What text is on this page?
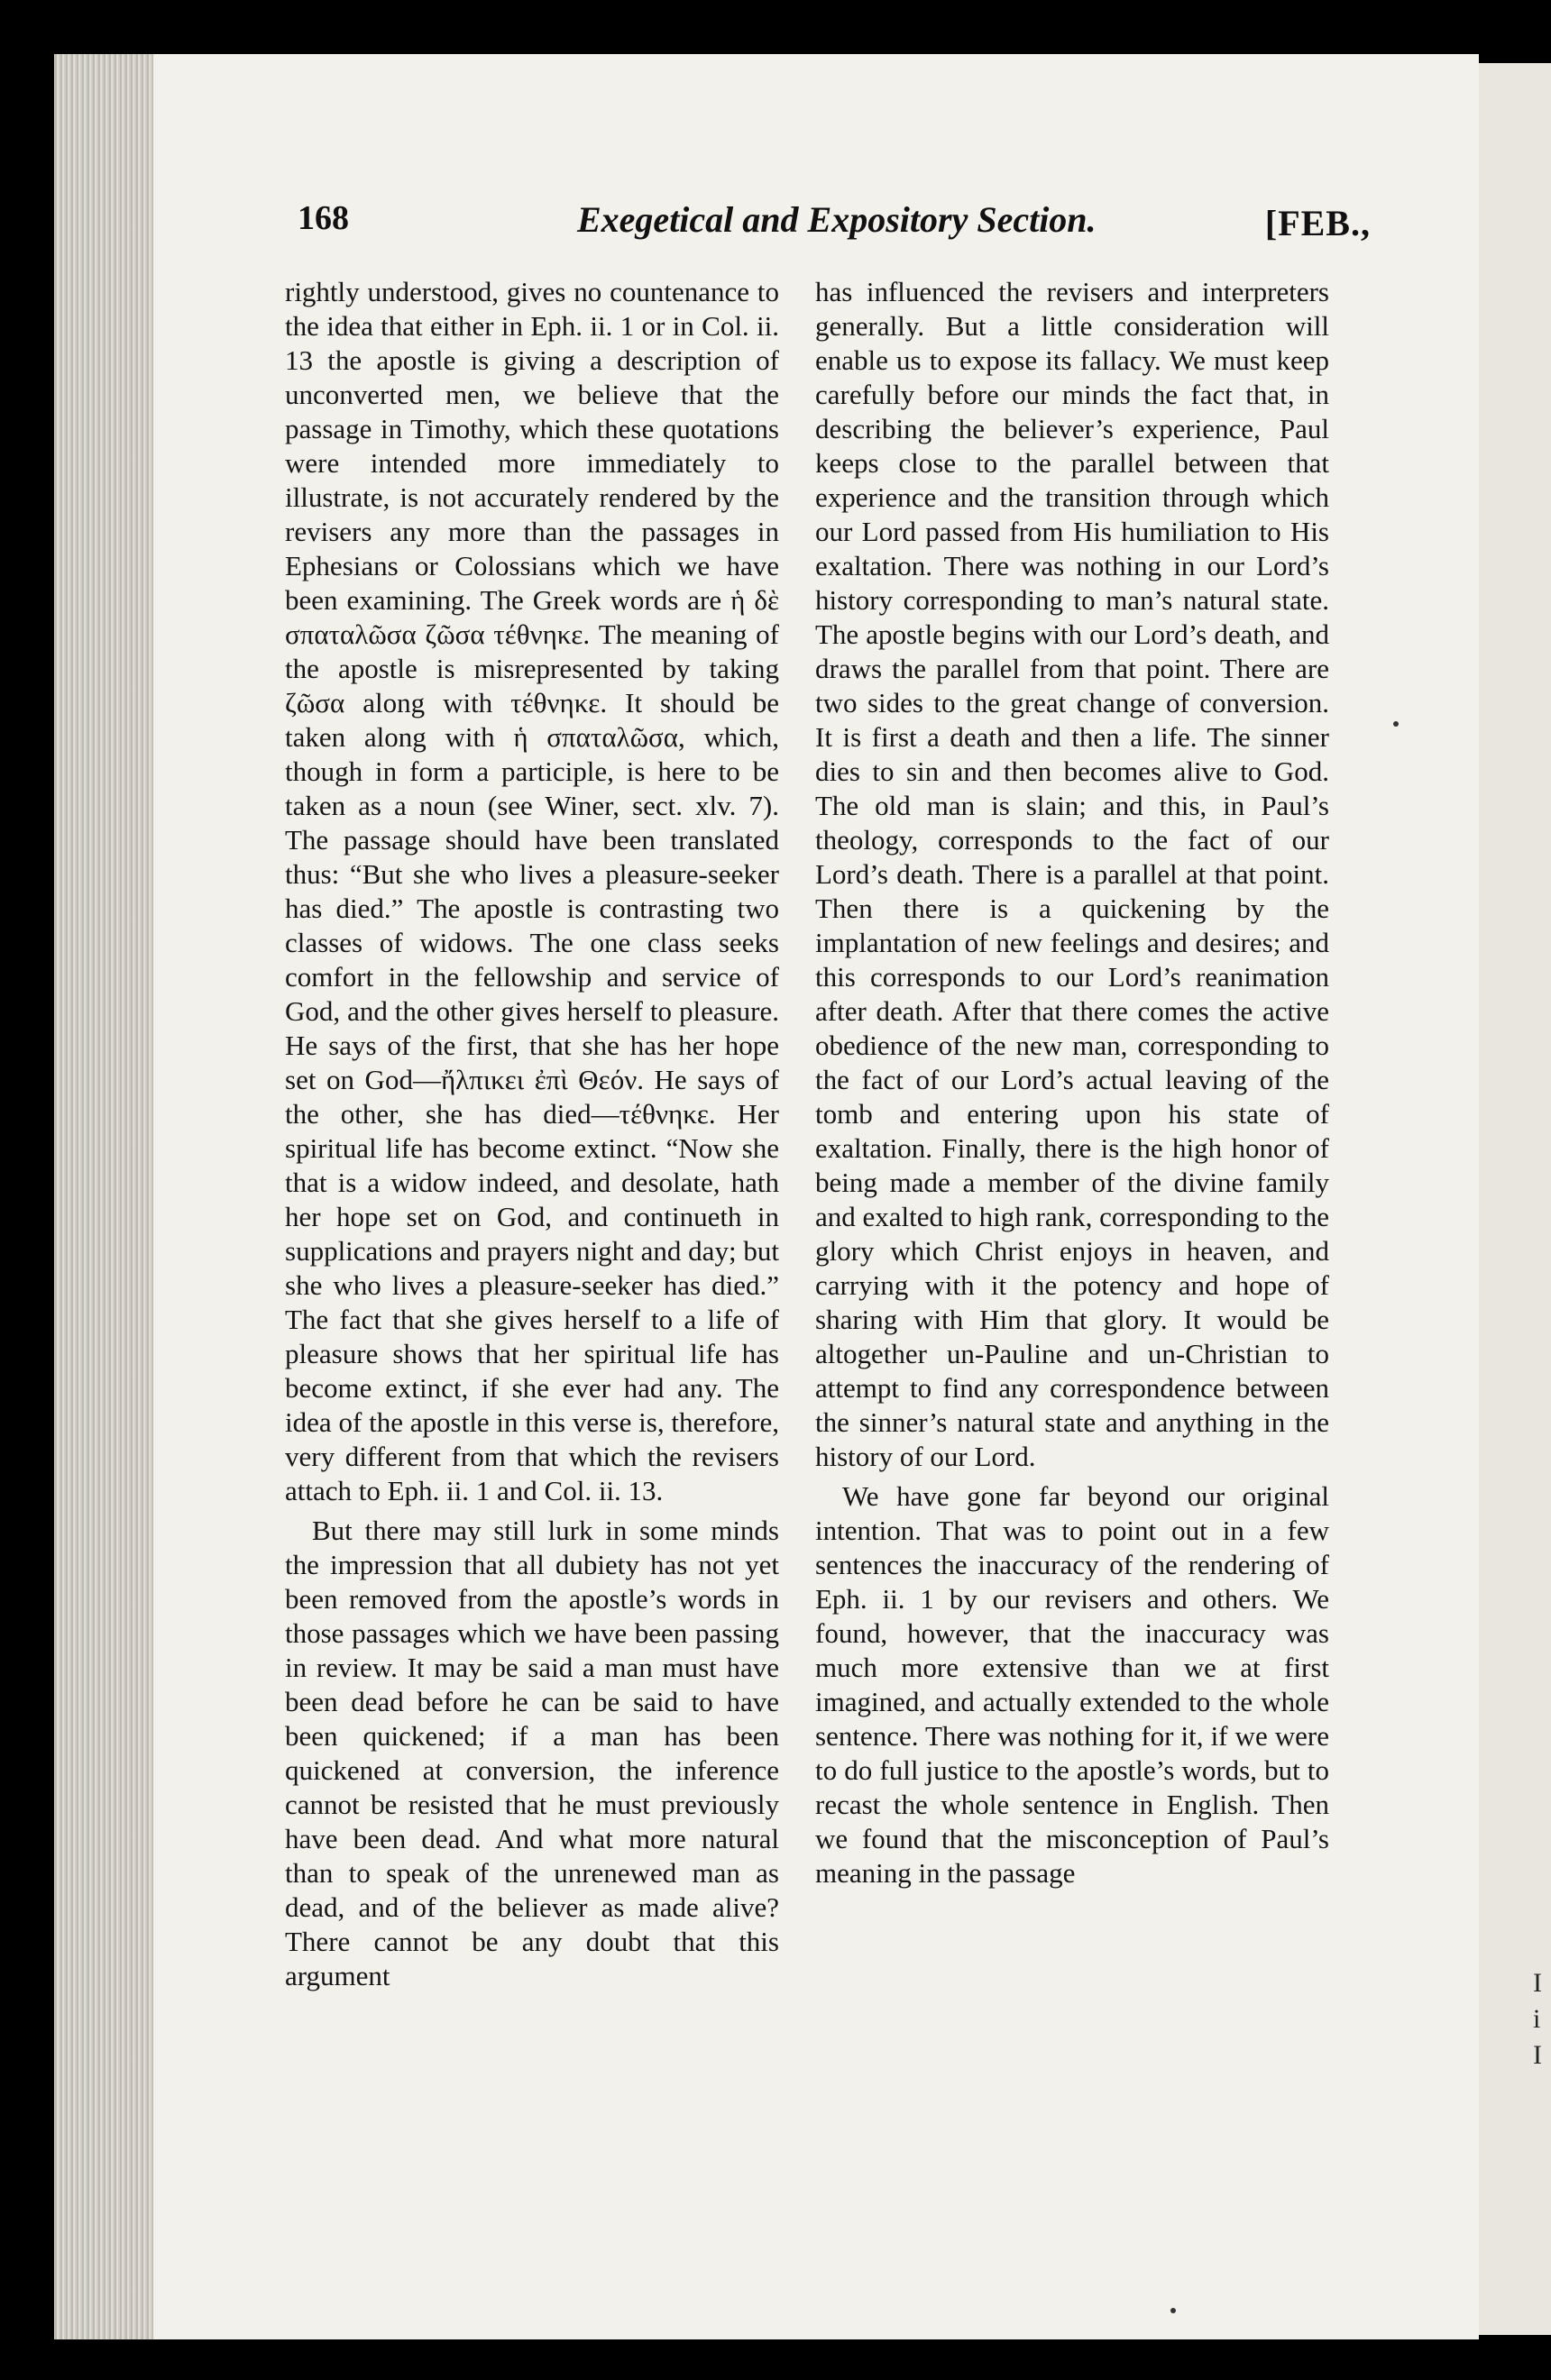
168	Exegetical and Expository Section.	[FEB.,

rightly understood, gives no countenance to the idea that either in Eph. ii. 1 or in Col. ii. 13 the apostle is giving a description of unconverted men, we believe that the passage in Timothy, which these quotations were intended more immediately to illustrate, is not accurately rendered by the revisers any more than the passages in Ephesians or Colossians which we have been examining. The Greek words are ἡ δὲ σπαταλῶσα ζῶσα τέθνηκε. The meaning of the apostle is misrepresented by taking ζῶσα along with τέθνηκε. It should be taken along with ἡ σπαταλῶσα, which, though in form a participle, is here to be taken as a noun (see Winer, sect. xlv. 7). The passage should have been translated thus: “But she who lives a pleasure-seeker has died.” The apostle is contrasting two classes of widows. The one class seeks comfort in the fellowship and service of God, and the other gives herself to pleasure. He says of the first, that she has her hope set on God—ἤλπικει ἐπὶ Θεόν. He says of the other, she has died—τέθνηκε. Her spiritual life has become extinct. “Now she that is a widow indeed, and desolate, hath her hope set on God, and continueth in supplications and prayers night and day; but she who lives a pleasure-seeker has died.” The fact that she gives herself to a life of pleasure shows that her spiritual life has become extinct, if she ever had any. The idea of the apostle in this verse is, therefore, very different from that which the revisers attach to Eph. ii. 1 and Col. ii. 13.

But there may still lurk in some minds the impression that all dubiety has not yet been removed from the apostle’s words in those passages which we have been passing in review. It may be said a man must have been dead before he can be said to have been quickened; if a man has been quickened at conversion, the inference cannot be resisted that he must previously have been dead. And what more natural than to speak of the unrenewed man as dead, and of the believer as made alive? There cannot be any doubt that this argument

has influenced the revisers and interpreters generally. But a little consideration will enable us to expose its fallacy. We must keep carefully before our minds the fact that, in describing the believer’s experience, Paul keeps close to the parallel between that experience and the transition through which our Lord passed from His humiliation to His exaltation. There was nothing in our Lord’s history corresponding to man’s natural state. The apostle begins with our Lord’s death, and draws the parallel from that point. There are two sides to the great change of conversion. It is first a death and then a life. The sinner dies to sin and then becomes alive to God. The old man is slain; and this, in Paul’s theology, corresponds to the fact of our Lord’s death. There is a parallel at that point. Then there is a quickening by the implantation of new feelings and desires; and this corresponds to our Lord’s reanimation after death. After that there comes the active obedience of the new man, corresponding to the fact of our Lord’s actual leaving of the tomb and entering upon his state of exaltation. Finally, there is the high honor of being made a member of the divine family and exalted to high rank, corresponding to the glory which Christ enjoys in heaven, and carrying with it the potency and hope of sharing with Him that glory. It would be altogether un-Pauline and un-Christian to attempt to find any correspondence between the sinner’s natural state and anything in the history of our Lord.

We have gone far beyond our original intention. That was to point out in a few sentences the inaccuracy of the rendering of Eph. ii. 1 by our revisers and others. We found, however, that the inaccuracy was much more extensive than we at first imagined, and actually extended to the whole sentence. There was nothing for it, if we were to do full justice to the apostle’s words, but to recast the whole sentence in English. Then we found that the misconception of Paul’s meaning in the passage

I
i
I
